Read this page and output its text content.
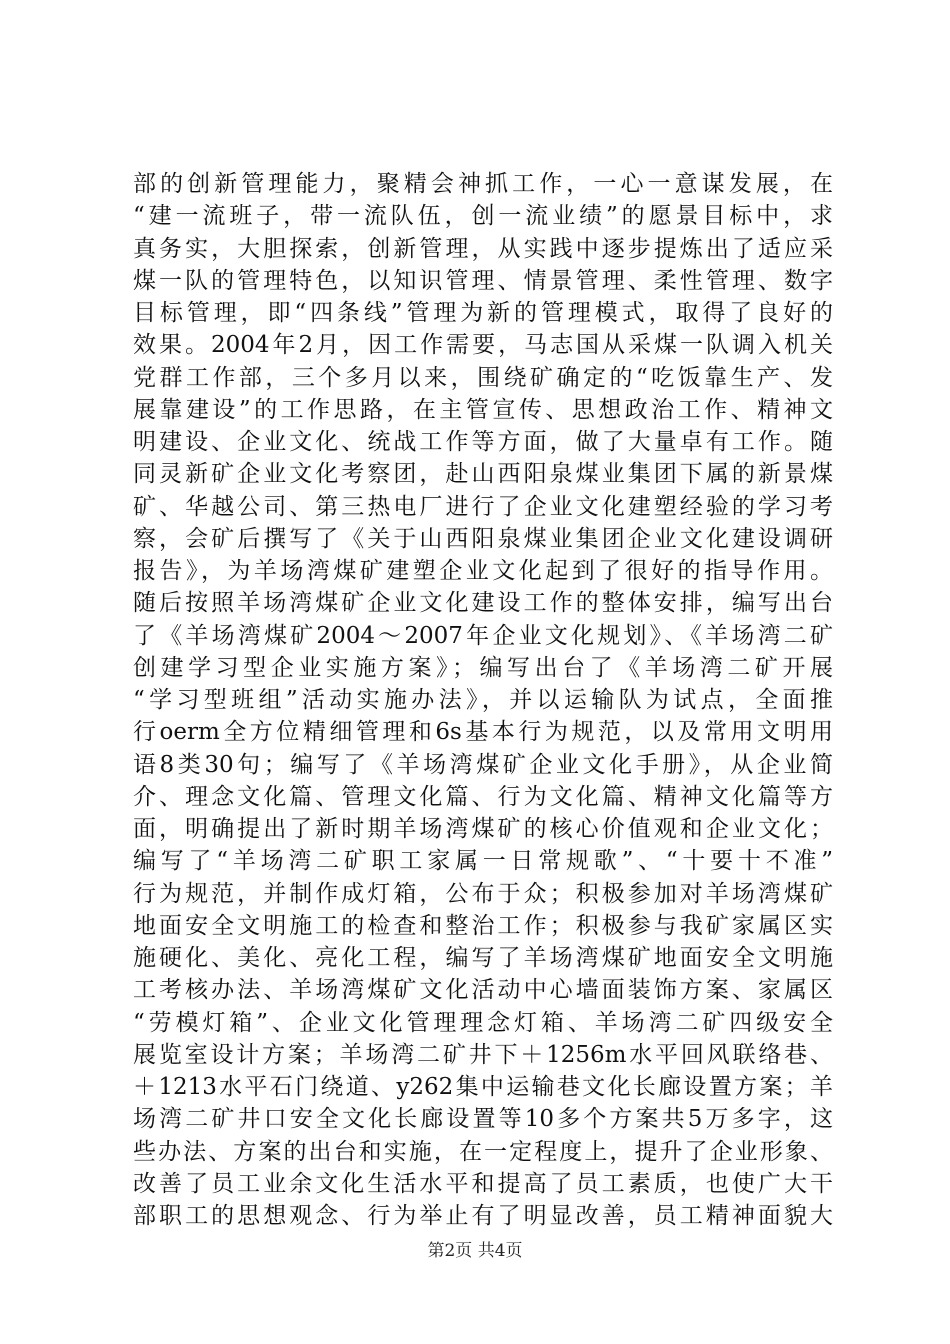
部的创新管理能力，聚精会神抓工作，一心一意谋发展，在
“建一流班子，带一流队伍，创一流业绩”的愿景目标中，求
真务实，大胆探索，创新管理，从实践中逐步提炼出了适应采
煤一队的管理特色，以知识管理、情景管理、柔性管理、数字
目标管理，即“四条线”管理为新的管理模式，取得了良好的
效果。2004年2月，因工作需要，马志国从采煤一队调入机关
党群工作部，三个多月以来，围绕矿确定的“吃饭靠生产、发
展靠建设”的工作思路，在主管宣传、思想政治工作、精神文
明建设、企业文化、统战工作等方面，做了大量卓有工作。随
同灵新矿企业文化考察团，赴山西阳泉煤业集团下属的新景煤
矿、华越公司、第三热电厂进行了企业文化建塑经验的学习考
察，会矿后撰写了《关于山西阳泉煤业集团企业文化建设调研
报告》，为羊场湾煤矿建塑企业文化起到了很好的指导作用。
随后按照羊场湾煤矿企业文化建设工作的整体安排，编写出台
了《羊场湾煤矿2004～2007年企业文化规划》、《羊场湾二矿
创建学习型企业实施方案》；编写出台了《羊场湾二矿开展
“学习型班组”活动实施办法》，并以运输队为试点，全面推
行oerm全方位精细管理和6s基本行为规范，以及常用文明用
语8类30句；编写了《羊场湾煤矿企业文化手册》，从企业简
介、理念文化篇、管理文化篇、行为文化篇、精神文化篇等方
面，明确提出了新时期羊场湾煤矿的核心价值观和企业文化；
编写了“羊场湾二矿职工家属一日常规歌”、“十要十不准”
行为规范，并制作成灯箱，公布于众；积极参加对羊场湾煤矿
地面安全文明施工的检查和整治工作；积极参与我矿家属区实
施硬化、美化、亮化工程，编写了羊场湾煤矿地面安全文明施
工考核办法、羊场湾煤矿文化活动中心墙面装饰方案、家属区
“劳模灯箱”、企业文化管理理念灯箱、羊场湾二矿四级安全
展览室设计方案；羊场湾二矿井下＋1256m水平回风联络巷、
＋1213水平石门绕道、y262集中运输巷文化长廊设置方案；羊
场湾二矿井口安全文化长廊设置等10多个方案共5万多字，这
些办法、方案的出台和实施，在一定程度上，提升了企业形象、
改善了员工业余文化生活水平和提高了员工素质，也使广大干
部职工的思想观念、行为举止有了明显改善，员工精神面貌大
第2页 共4页
